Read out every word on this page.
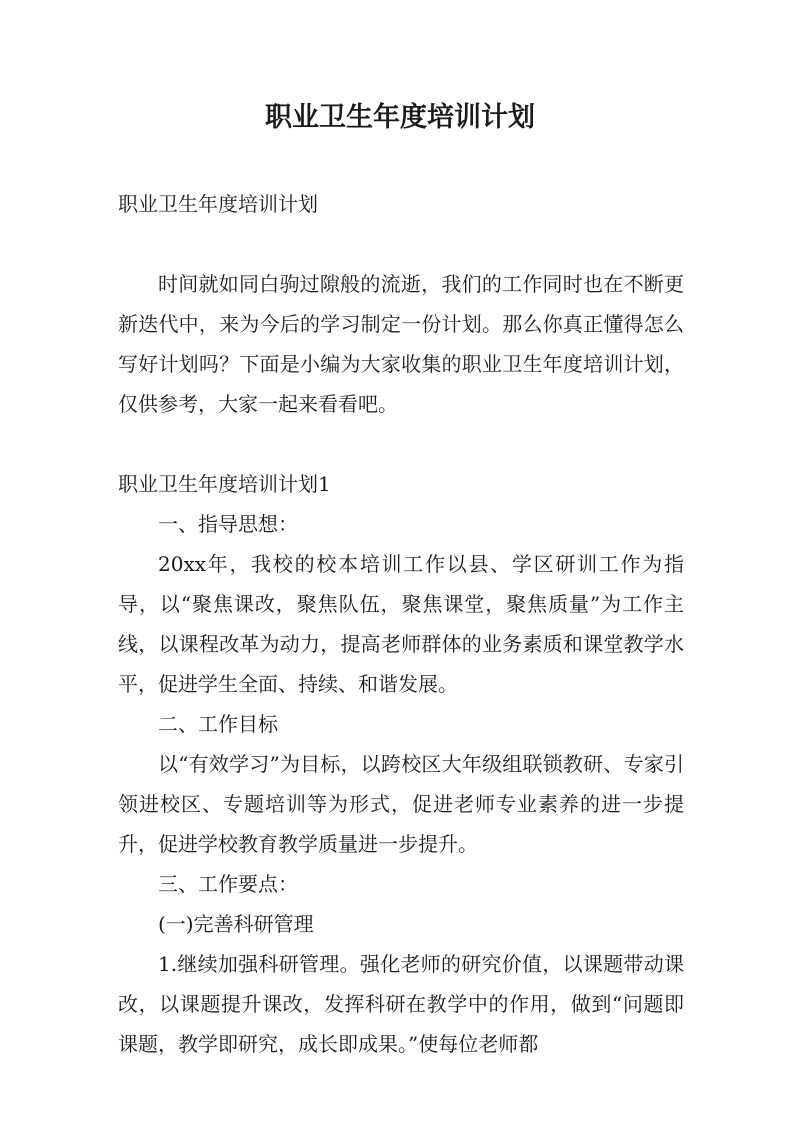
职业卫生年度培训计划

职业卫生年度培训计划

时间就如同白驹过隙般的流逝，我们的工作同时也在不断更新迭代中，来为今后的学习制定一份计划。那么你真正懂得怎么写好计划吗？下面是小编为大家收集的职业卫生年度培训计划，仅供参考，大家一起来看看吧。

职业卫生年度培训计划1

一、指导思想：

20xx年，我校的校本培训工作以县、学区研训工作为指导，以“聚焦课改，聚焦队伍，聚焦课堂，聚焦质量”为工作主线，以课程改革为动力，提高老师群体的业务素质和课堂教学水平，促进学生全面、持续、和谐发展。

二、工作目标

以“有效学习”为目标，以跨校区大年级组联锁教研、专家引领进校区、专题培训等为形式，促进老师专业素养的进一步提升，促进学校教育教学质量进一步提升。

三、工作要点：

(一)完善科研管理

1.继续加强科研管理。强化老师的研究价值，以课题带动课改，以课题提升课改，发挥科研在教学中的作用，做到“问题即课题，教学即研究，成长即成果。”使每位老师都
